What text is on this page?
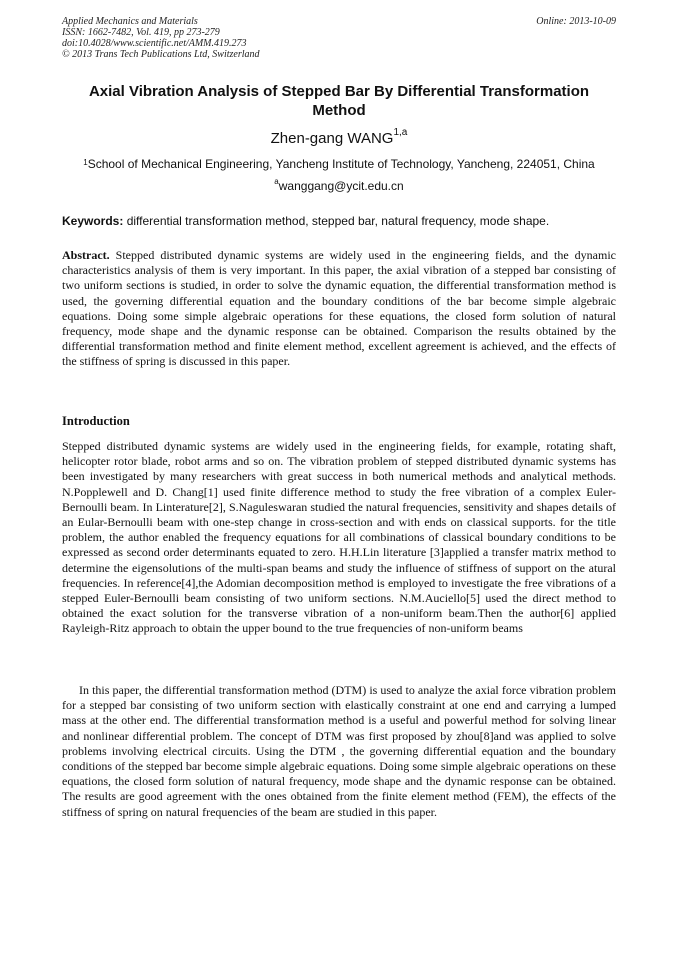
Applied Mechanics and Materials
ISSN: 1662-7482, Vol. 419, pp 273-279
doi:10.4028/www.scientific.net/AMM.419.273
© 2013 Trans Tech Publications Ltd, Switzerland
Online: 2013-10-09
Axial Vibration Analysis of Stepped Bar By Differential Transformation Method
Zhen-gang WANG$^{1,a}$
$^1$School of Mechanical Engineering, Yancheng Institute of Technology, Yancheng, 224051, China
$^a$wanggang@ycit.edu.cn
Keywords: differential transformation method, stepped bar, natural frequency, mode shape.
Abstract. Stepped distributed dynamic systems are widely used in the engineering fields, and the dynamic characteristics analysis of them is very important. In this paper, the axial vibration of a stepped bar consisting of two uniform sections is studied, in order to solve the dynamic equation, the differential transformation method is used, the governing differential equation and the boundary conditions of the bar become simple algebraic equations. Doing some simple algebraic operations for these equations, the closed form solution of natural frequency, mode shape and the dynamic response can be obtained. Comparison the results obtained by the differential transformation method and finite element method, excellent agreement is achieved, and the effects of the stiffness of spring is discussed in this paper.
Introduction
Stepped distributed dynamic systems are widely used in the engineering fields, for example, rotating shaft, helicopter rotor blade, robot arms and so on. The vibration problem of stepped distributed dynamic systems has been investigated by many researchers with great success in both numerical methods and analytical methods. N.Popplewell and D. Chang[1] used finite difference method to study the free vibration of a complex Euler-Bernoulli beam. In Linterature[2], S.Naguleswaran studied the natural frequencies, sensitivity and shapes details of an Eular-Bernoulli beam with one-step change in cross-section and with ends on classical supports. for the title problem, the author enabled the frequency equations for all combinations of classical boundary conditions to be expressed as second order determinants equated to zero. H.H.Lin literature [3]applied a transfer matrix method to determine the eigensolutions of the multi-span beams and study the influence of stiffness of support on the atural frequencies. In reference[4],the Adomian decomposition method is employed to investigate the free vibrations of a stepped Euler-Bernoulli beam consisting of two uniform sections. N.M.Auciello[5] used the direct method to obtained the exact solution for the transverse vibration of a non-uniform beam.Then the author[6] applied Rayleigh-Ritz approach to obtain the upper bound to the true frequencies of non-uniform beams
In this paper, the differential transformation method (DTM) is used to analyze the axial force vibration problem for a stepped bar consisting of two uniform section with elastically constraint at one end and carrying a lumped mass at the other end. The differential transformation method is a useful and powerful method for solving linear and nonlinear differential problem. The concept of DTM was first proposed by zhou[8]and was applied to solve problems involving electrical circuits. Using the DTM , the governing differential equation and the boundary conditions of the stepped bar become simple algebraic equations. Doing some simple algebraic operations on these equations, the closed form solution of natural frequency, mode shape and the dynamic response can be obtained. The results are good agreement with the ones obtained from the finite element method (FEM), the effects of the stiffness of spring on natural frequencies of the beam are studied in this paper.
